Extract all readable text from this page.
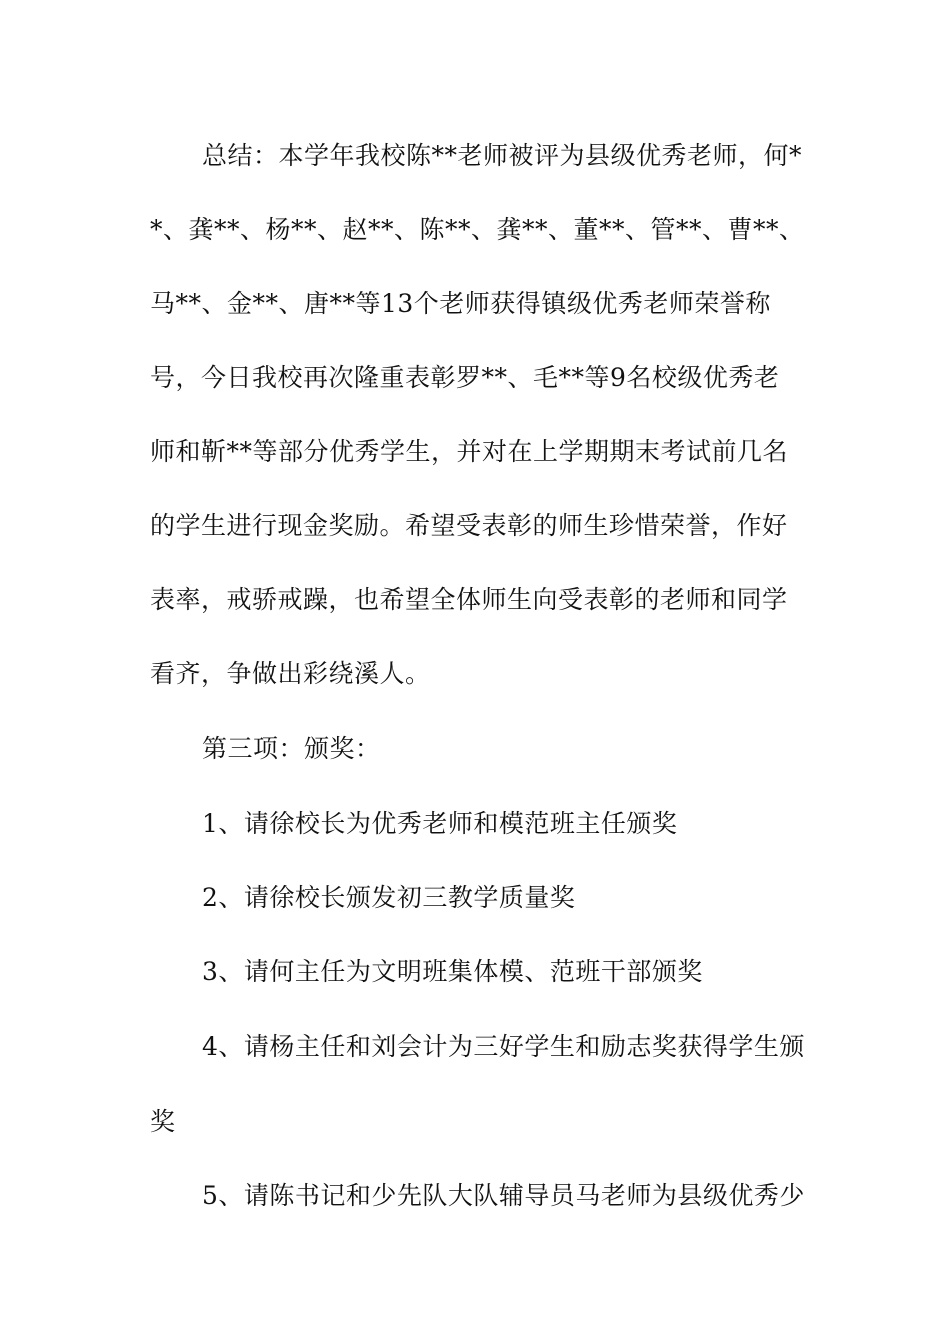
总结：本学年我校陈**老师被评为县级优秀老师，何*
*、龚**、杨**、赵**、陈**、龚**、董**、管**、曹**、
马**、金**、唐**等13个老师获得镇级优秀老师荣誉称
号，今日我校再次隆重表彰罗**、毛**等9名校级优秀老
师和靳**等部分优秀学生，并对在上学期期末考试前几名
的学生进行现金奖励。希望受表彰的师生珍惜荣誉，作好
表率，戒骄戒躁，也希望全体师生向受表彰的老师和同学
看齐，争做出彩绕溪人。
第三项：颁奖：
1、请徐校长为优秀老师和模范班主任颁奖
2、请徐校长颁发初三教学质量奖
3、请何主任为文明班集体模、范班干部颁奖
4、请杨主任和刘会计为三好学生和励志奖获得学生颁
奖
5、请陈书记和少先队大队辅导员马老师为县级优秀少
